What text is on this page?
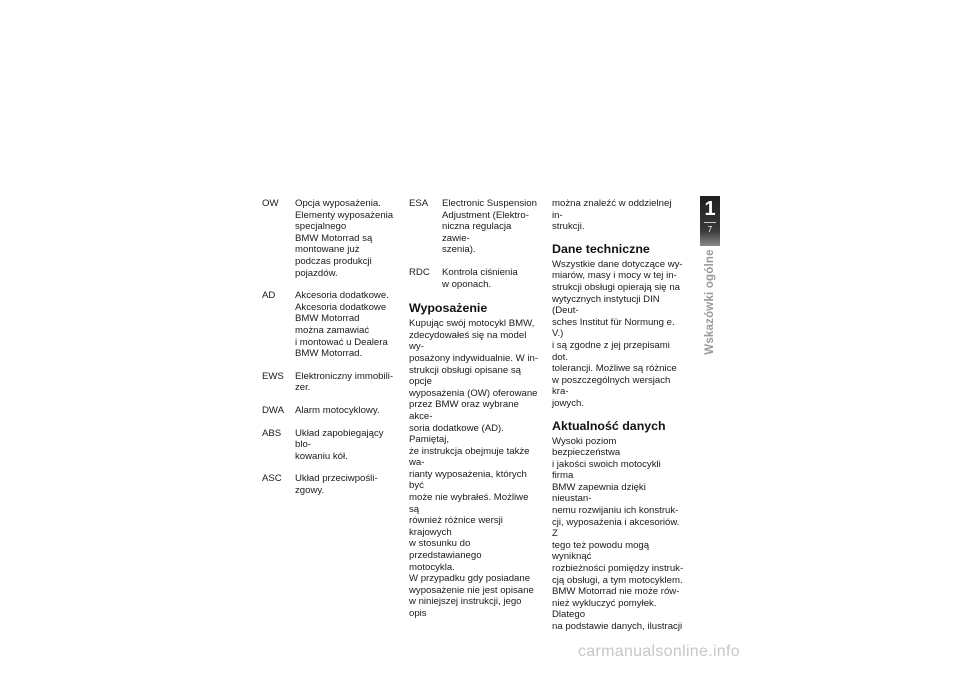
OW	Opcja wyposażenia.
Elementy wyposażenia specjalnego
BMW Motorrad są
montowane już podczas produkcji pojazdów.
AD	Akcesoria dodatkowe.
Akcesoria dodatkowe
BMW Motorrad
można zamawiać
i montować u Dealera
BMW Motorrad.
EWS	Elektroniczny immobili-
zer.
DWA	Alarm motocyklowy.
ABS	Układ zapobiegający blo-
kowaniu kół.
ASC	Układ przeciwpośli-
zgowy.
ESA	Electronic Suspension
Adjustment (Elektro-
niczna regulacja zawie-
szenia).
RDC	Kontrola ciśnienia
w oponach.
Wyposażenie
Kupując swój motocykl BMW,
zdecydowałeś się na model wy-
posażony indywidualnie. W in-
strukcji obsługi opisane są opcje
wyposażenia (OW) oferowane
przez BMW oraz wybrane akce-
soria dodatkowe (AD). Pamiętaj,
że instrukcja obejmuje także wa-
rianty wyposażenia, których być
może nie wybrałeś. Możliwe są
również różnice wersji krajowych
w stosunku do przedstawianego
motocykla.
W przypadku gdy posiadane
wyposażenie nie jest opisane
w niniejszej instrukcji, jego opis
można znaleźć w oddzielnej in-
strukcji.
Dane techniczne
Wszystkie dane dotyczące wy-
miarów, masy i mocy w tej in-
strukcji obsługi opierają się na
wytycznych instytucji DIN (Deut-
sches Institut für Normung e. V.)
i są zgodne z jej przepisami dot.
tolerancji. Możliwe są różnice
w poszczególnych wersjach kra-
jowych.
Aktualność danych
Wysoki poziom bezpieczeństwa
i jakości swoich motocykli firma
BMW zapewnia dzięki nieustan-
nemu rozwijaniu ich konstruk-
cji, wyposażenia i akcesoriów. Z
tego też powodu mogą wyniknąć
rozbieżności pomiędzy instruk-
cją obsługi, a tym motocyklem.
BMW Motorrad nie może rów-
nież wykluczyć pomyłek. Dlatego
na podstawie danych, ilustracji
1
7
Wskazówki ogólne
carmanualsonline.info
